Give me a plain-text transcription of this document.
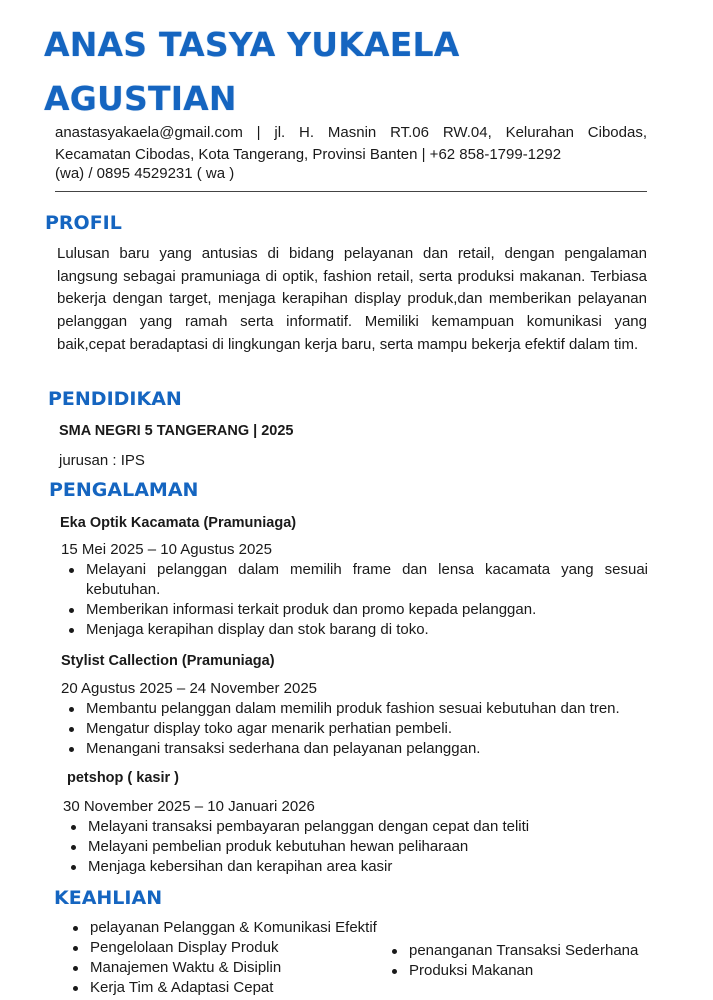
ANAS TASYA YUKAELA
AGUSTIAN
anastasyakaela@gmail.com | jl. H. Masnin RT.06 RW.04, Kelurahan Cibodas, Kecamatan Cibodas, Kota Tangerang, Provinsi Banten | +62 858-1799-1292
(wa) / 0895 4529231 ( wa )
PROFIL
Lulusan baru yang antusias di bidang pelayanan dan retail, dengan pengalaman langsung sebagai pramuniaga di optik, fashion retail, serta produksi makanan. Terbiasa bekerja dengan target, menjaga kerapihan display produk,dan memberikan pelayanan pelanggan yang ramah serta informatif. Memiliki kemampuan komunikasi yang baik,cepat beradaptasi di lingkungan kerja baru, serta mampu bekerja efektif dalam tim.
PENDIDIKAN
SMA NEGRI 5 TANGERANG | 2025
jurusan : IPS
PENGALAMAN
Eka Optik Kacamata (Pramuniaga)
15 Mei 2025 – 10 Agustus 2025
Melayani pelanggan dalam memilih frame dan lensa kacamata yang sesuai kebutuhan.
Memberikan informasi terkait produk dan promo kepada pelanggan.
Menjaga kerapihan display dan stok barang di toko.
Stylist Callection (Pramuniaga)
20 Agustus 2025 – 24 November 2025
Membantu pelanggan dalam memilih produk fashion sesuai kebutuhan dan tren.
Mengatur display toko agar menarik perhatian pembeli.
Menangani transaksi sederhana dan pelayanan pelanggan.
petshop ( kasir )
30 November 2025 – 10 Januari 2026
Melayani transaksi pembayaran pelanggan dengan cepat dan teliti
Melayani pembelian produk kebutuhan hewan peliharaan
Menjaga kebersihan dan kerapihan area kasir
KEAHLIAN
pelayanan Pelanggan & Komunikasi Efektif
Pengelolaan Display Produk
Manajemen Waktu & Disiplin
Kerja Tim & Adaptasi Cepat
penanganan Transaksi Sederhana
Produksi Makanan
